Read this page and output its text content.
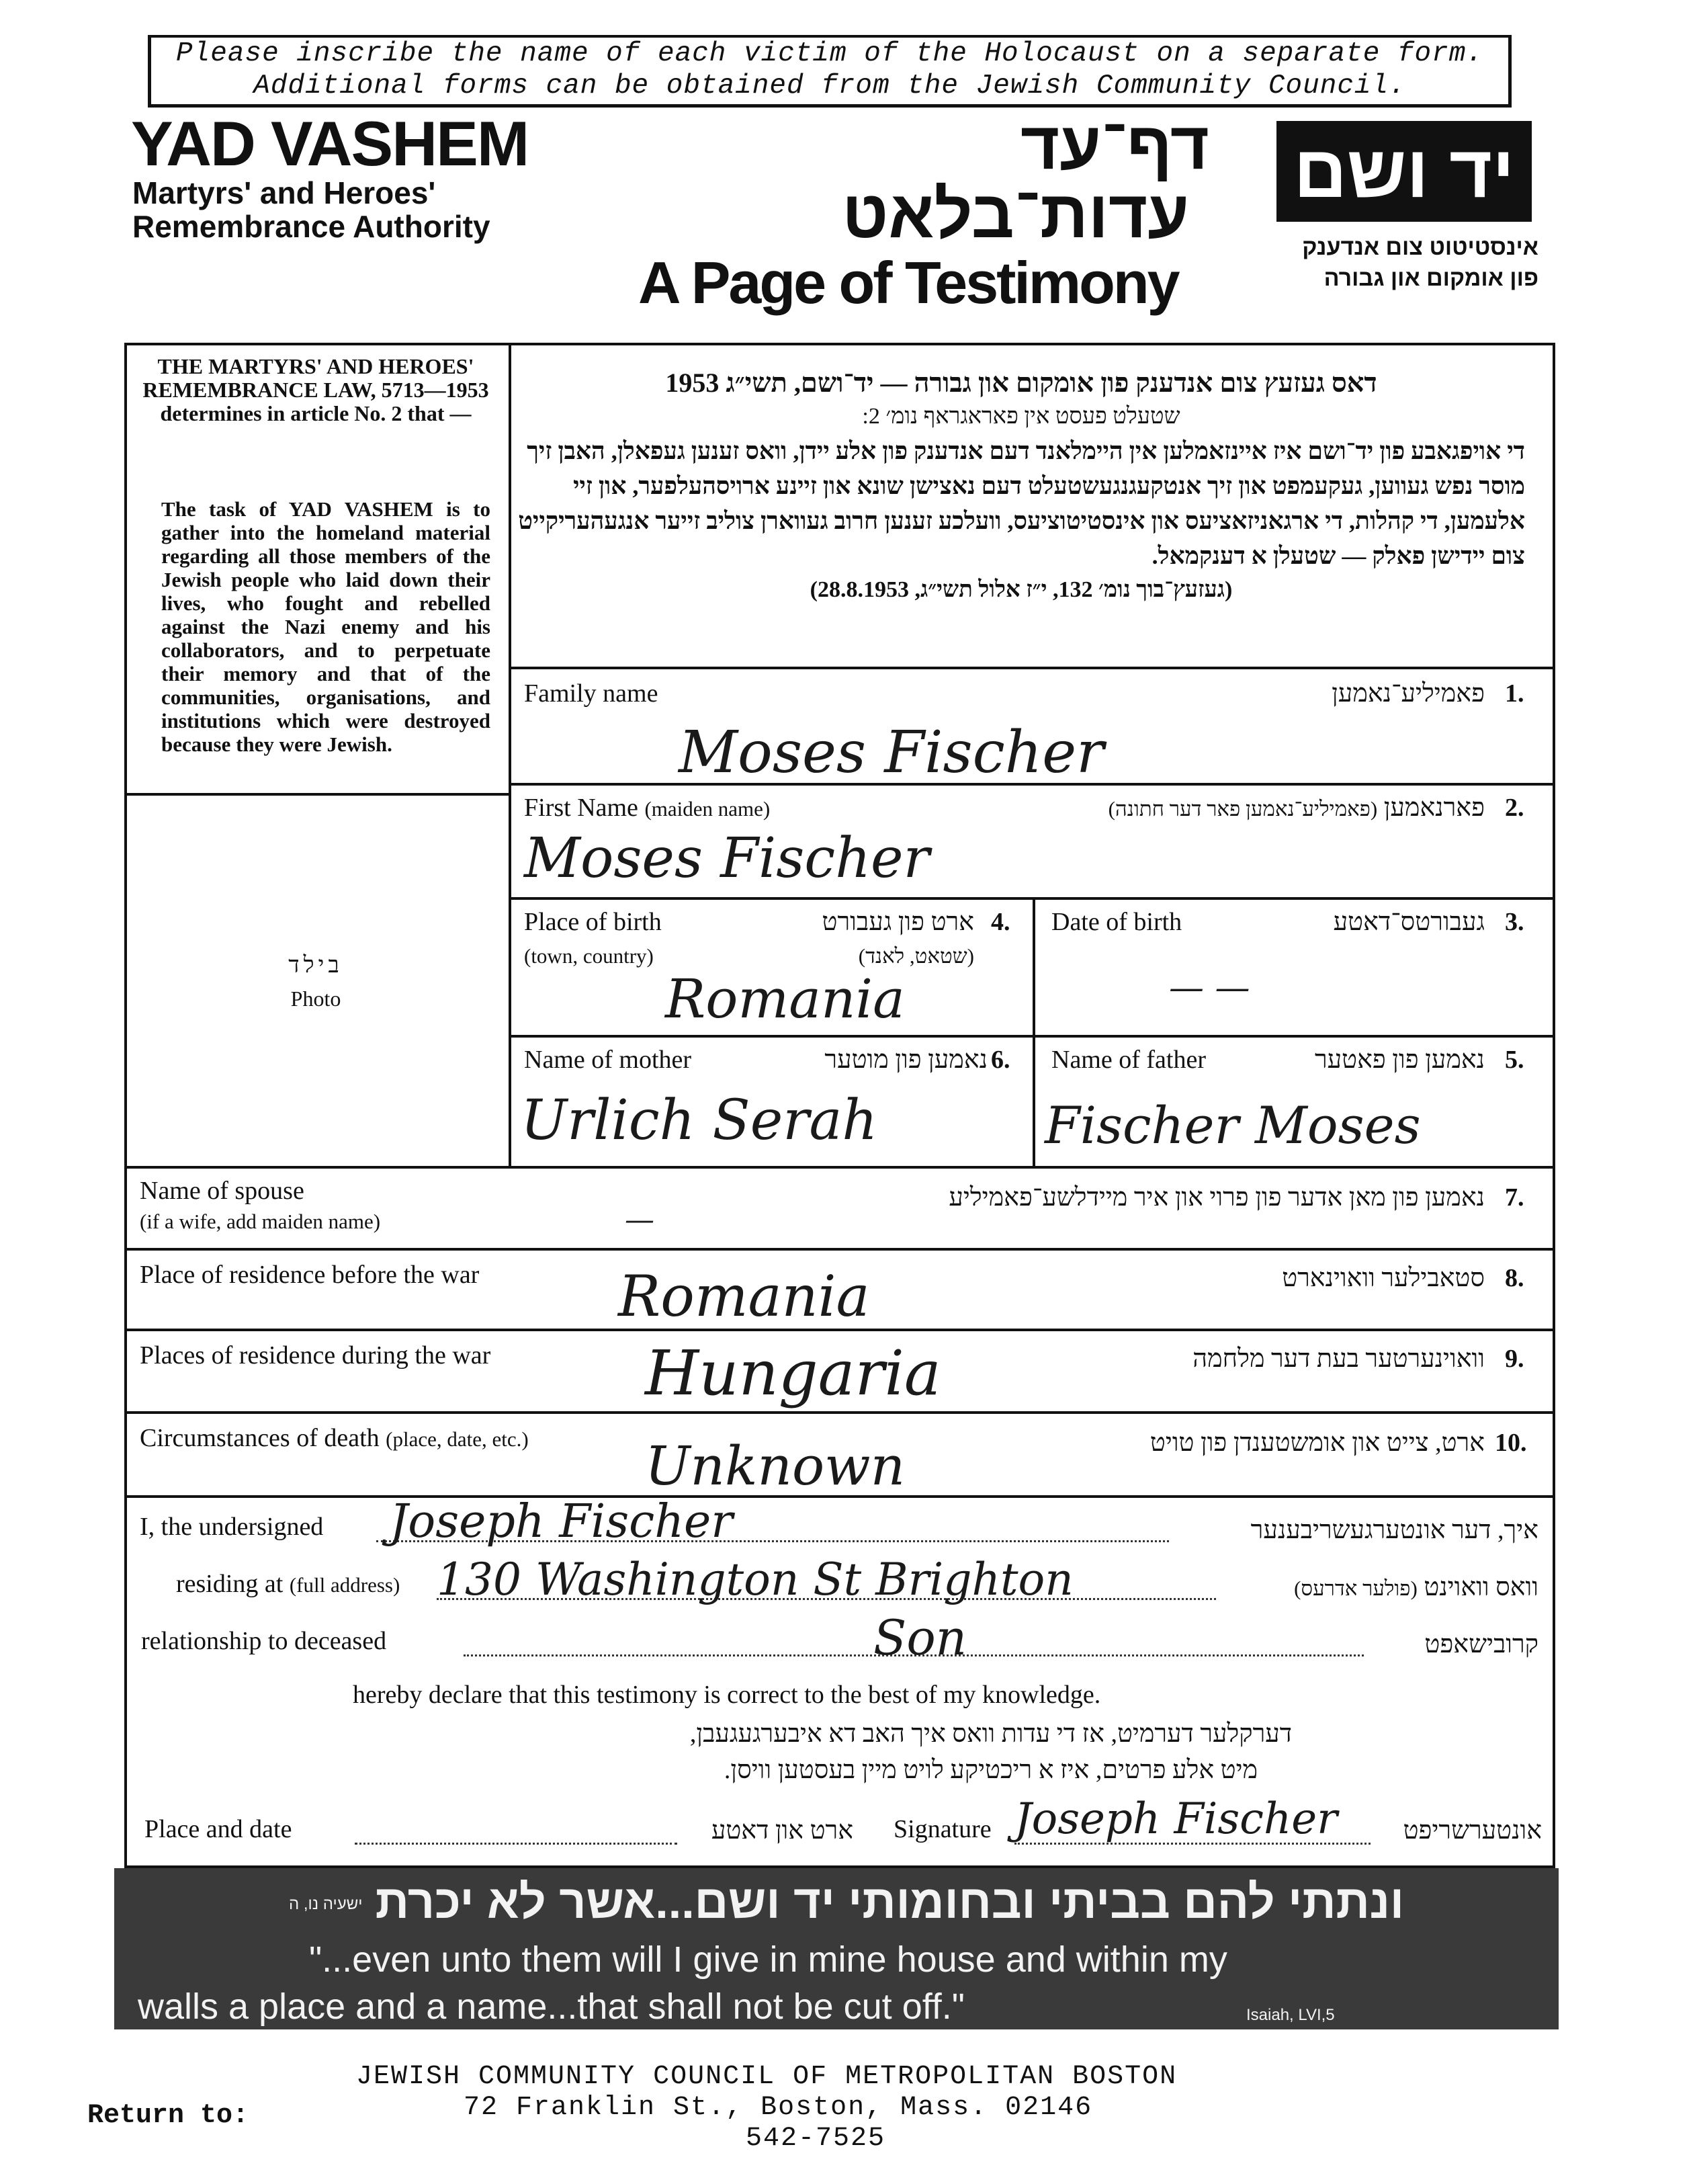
Please inscribe the name of each victim of the Holocaust on a separate form.
Additional forms can be obtained from the Jewish Community Council.
YAD VASHEM
Martyrs' and Heroes' Remembrance Authority
דף־עד
עדות־בלאט
A Page of Testimony
יד ושם
אינסטיטוט צום אנדענק
פון אומקום און גבורה
THE MARTYRS' AND HEROES' REMEMBRANCE LAW, 5713—1953 determines in article No. 2 that —
The task of YAD VASHEM is to gather into the homeland material regarding all those members of the Jewish people who laid down their lives, who fought and rebelled against the Nazi enemy and his collaborators, and to perpetuate their memory and that of the communities, organisations, and institutions which were destroyed because they were Jewish.
בילד
Photo
דאס געזעץ צום אנדענק פון אומקום און גבורה — יד־ושם, תשי״ג 1953
שטעלט פעסט אין פאראגראף נומ׳ 2:
די אויפגאבע פון יד־ושם איז איינזאמלען אין היימלאנד דעם אנדענק פון אלע יידן, וואס זענען געפאלן, האבן זיך מוסר נפש געווען, געקעמפט און זיך אנטקעגנגעשטעלט דעם נאצישן שונא און זיינע ארויסהעלפער, און זיי אלעמען, די קהלות, די ארגאניזאציעס און אינסטיטוציעס, וועלכע זענען חרוב געווארן צוליב זייער אנגעהעריקייט צום יידישן פאלק — שטעלן א דענקמאל.
(געזעץ־בוך נומ׳ 132, י״ז אלול תשי״ג, 28.8.1953)
Family name	פאמיליע־נאמען 1.
Moses Fischer
First Name (maiden name)	פארנאמען (פאמיליע־נאמען פאר דער חתונה)	2.
Moses Fischer
Place of birth
(town, country)
ארט פון געבורט
(שטאט, לאנד)
4.
Romania
Date of birth	געבורטס־דאטע 3.
— —
Name of mother	נאמען פון מוטער 6.
Urlich Serah
Name of father	נאמען פון פאטער 5.
Fischer Moses
Name of spouse
(if a wife, add maiden name)
נאמען פון מאן אדער פון פרוי און איר מיידלשע־פאמיליע 7.
—
Place of residence before the war	סטאבילער וואוינארט 8.
Romania
Places of residence during the war	וואוינערטער בעת דער מלחמה 9.
Hungaria
Circumstances of death (place, date, etc.)	ארט, צייט און אומשטענדן פון טויט 10.
Unknown
I, the undersigned Joseph Fischer	איך, דער אונטערגעשריבענער
residing at (full address) 130 Washington St Brighton	וואס וואוינט (פולער אדרעס)
relationship to deceased	Son	קרובישאפט
hereby declare that this testimony is correct to the best of my knowledge.
דערקלער דערמיט, אז די עדות וואס איך האב דא איבערגעגעבן,
מיט אלע פרטים, איז א ריכטיקע לויט מיין בעסטען וויסן.
Place and date	ארט און דאטע Signature Joseph Fischer	אונטערשריפט
ונתתי להם בביתי ובחומותי יד ושם...אשר לא יכרת
ישעיה נו, ה
"...even unto them will I give in mine house and within my
walls a place and a name...that shall not be cut off."	Isaiah, LVI,5
Return to:
JEWISH COMMUNITY COUNCIL OF METROPOLITAN BOSTON
72 Franklin St., Boston, Mass. 02146
542-7525
